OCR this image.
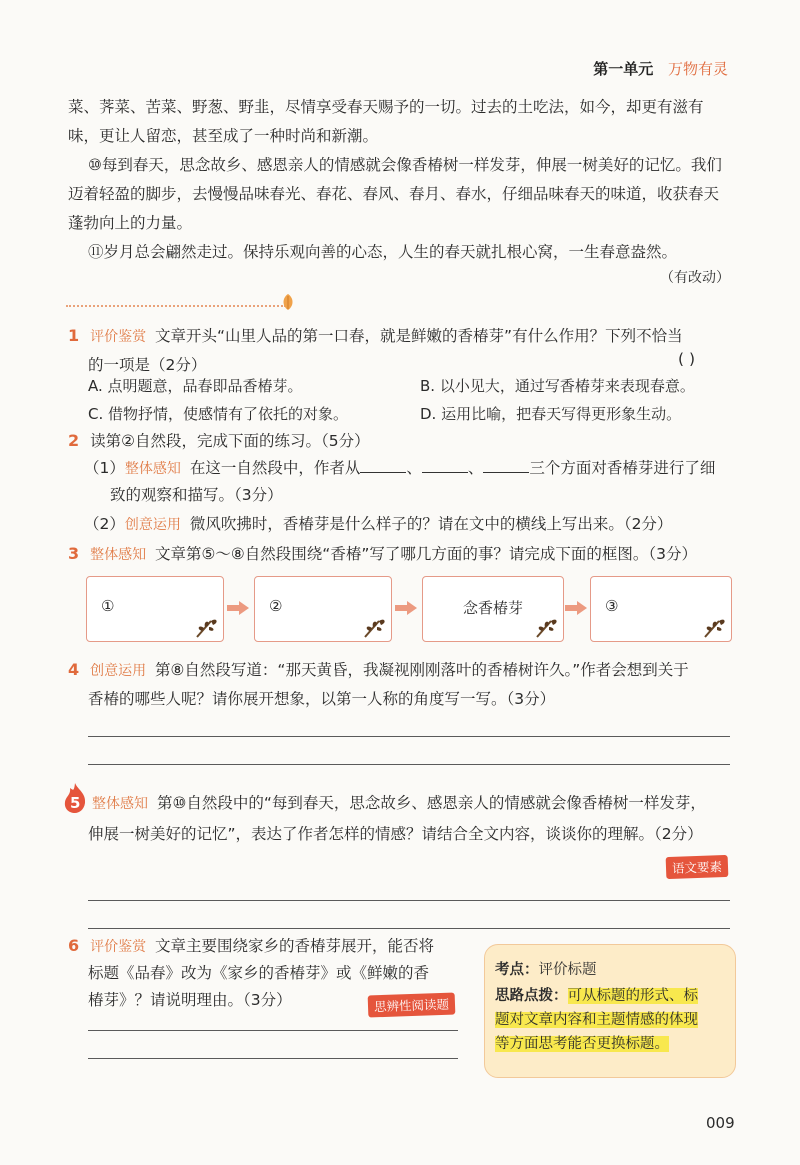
第一单元 万物有灵
菜、荠菜、苦菜、野葱、野韭，尽情享受春天赐予的一切。过去的土吃法，如今，却更有滋有
味，更让人留恋，甚至成了一种时尚和新潮。
⑩每到春天，思念故乡、感恩亲人的情感就会像香椿树一样发芽，伸展一树美好的记忆。我们
迈着轻盈的脚步，去慢慢品味春光、春花、春风、春月、春水，仔细品味春天的味道，收获春天
蓬勃向上的力量。
⑪岁月总会翩然走过。保持乐观向善的心态，人生的春天就扎根心窝，一生春意盎然。
（有改动）
1 评价鉴赏 文章开头“山里人品的第一口春，就是鲜嫩的香椿芽”有什么作用？下列不恰当
的一项是（2分）	( )
A. 点明题意，品春即品香椿芽。	B. 以小见大，通过写香椿芽来表现春意。
C. 借物抒情，使感情有了依托的对象。	D. 运用比喻，把春天写得更形象生动。
2 读第②自然段，完成下面的练习。（5分）
（1）整体感知 在这一自然段中，作者从	、	、	三个方面对香椿芽进行了细
致的观察和描写。（3分）
（2）创意运用 微风吹拂时，香椿芽是什么样子的？请在文中的横线上写出来。（2分）
3 整体感知 文章第⑤～⑧自然段围绕“香椿”写了哪几方面的事？请完成下面的框图。（3分）
①	②	念香椿芽	③
4 创意运用 第⑧自然段写道：“那天黄昏，我凝视刚刚落叶的香椿树许久。”作者会想到关于
香椿的哪些人呢？请你展开想象，以第一人称的角度写一写。（3分）
5 整体感知 第⑩自然段中的“每到春天，思念故乡、感恩亲人的情感就会像香椿树一样发芽，
伸展一树美好的记忆”，表达了作者怎样的情感？请结合全文内容，谈谈你的理解。（2分）
语文要素
6 评价鉴赏 文章主要围绕家乡的香椿芽展开，能否将
标题《品春》改为《家乡的香椿芽》或《鲜嫩的香
椿芽》？请说明理由。（3分）	思辨性阅读题
考点：评价标题
思路点拨：可从标题的形式、标
题对文章内容和主题情感的体现
等方面思考能否更换标题。
009
